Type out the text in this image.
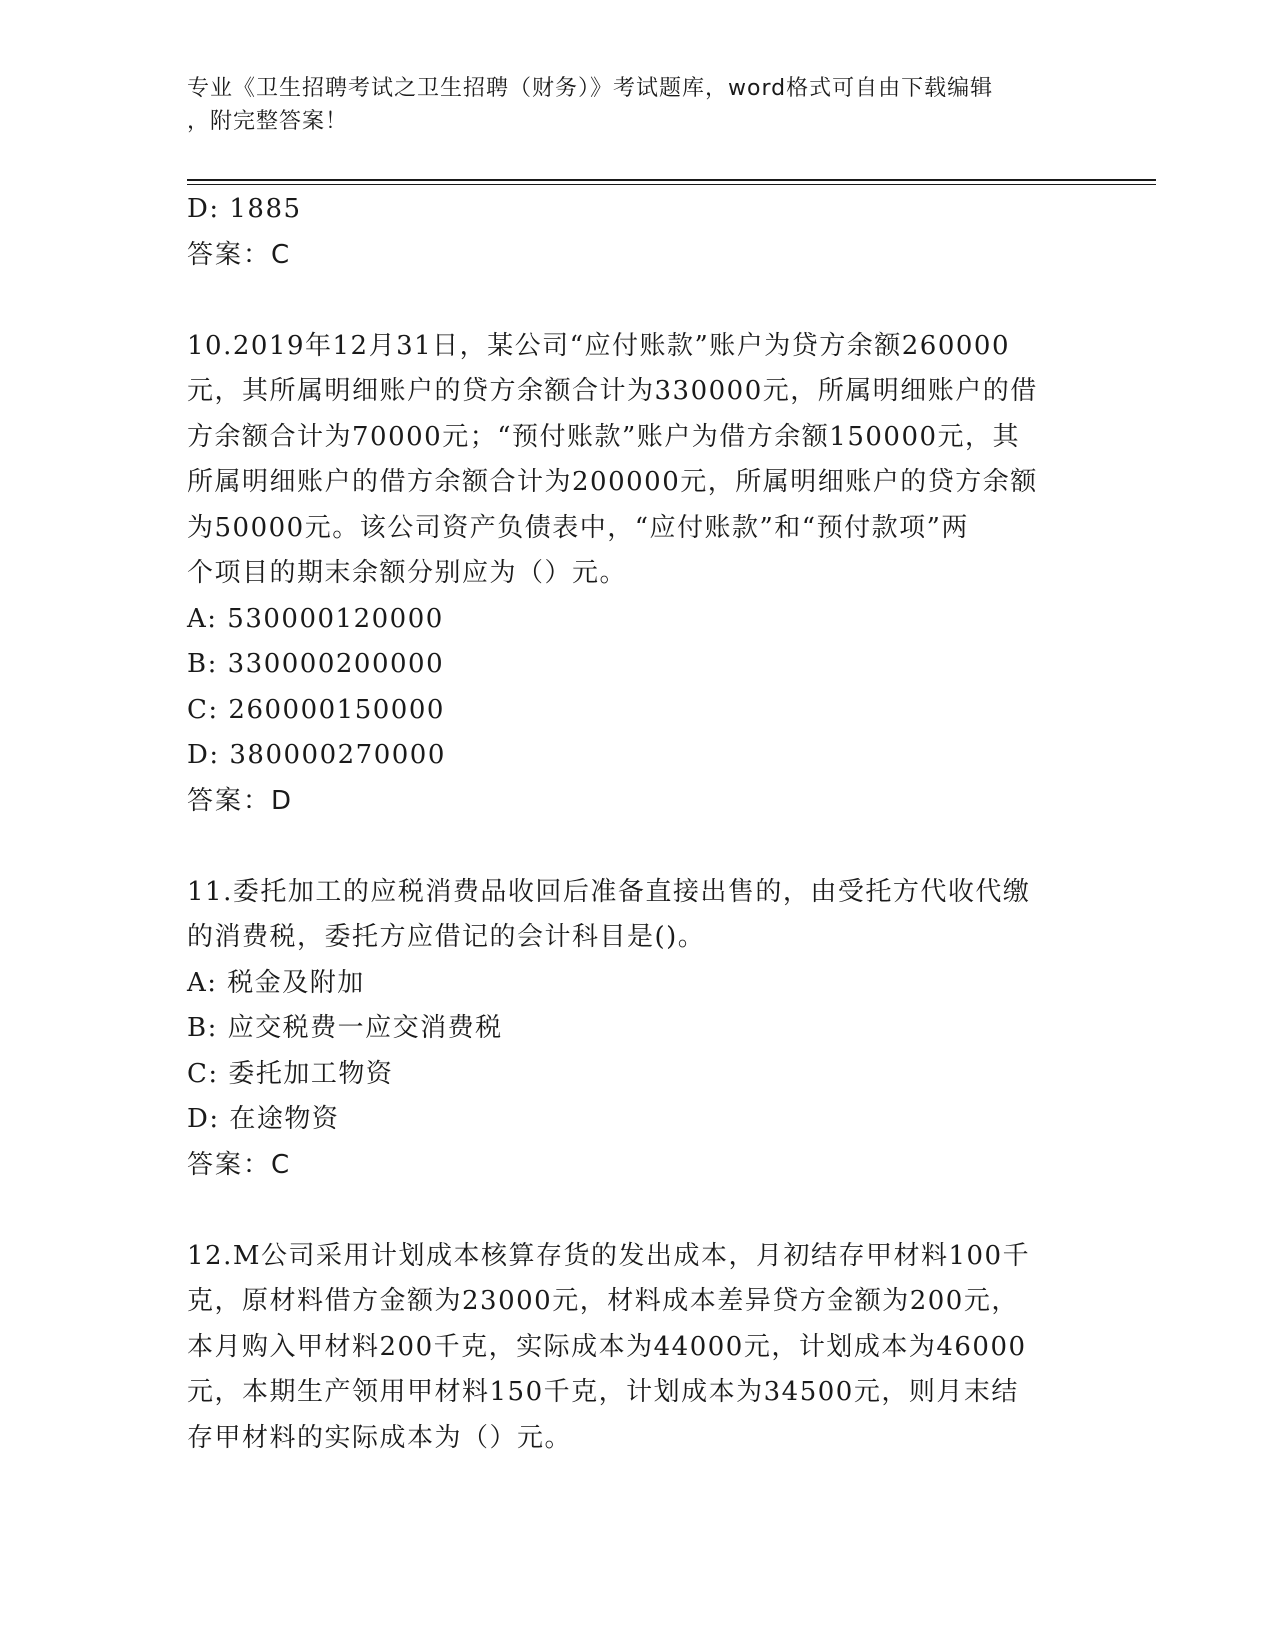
专业《卫生招聘考试之卫生招聘（财务）》考试题库，word格式可自由下载编辑
，附完整答案！
D: 1885
答案：C
10.2019年12月31日，某公司“应付账款”账户为贷方余额260000
元，其所属明细账户的贷方余额合计为330000元，所属明细账户的借
方余额合计为70000元；“预付账款”账户为借方余额150000元，其
所属明细账户的借方余额合计为200000元，所属明细账户的贷方余额
为50000元。该公司资产负债表中，“应付账款”和“预付款项”两
个项目的期末余额分别应为（）元。
A: 530000120000
B: 330000200000
C: 260000150000
D: 380000270000
答案：D
11.委托加工的应税消费品收回后准备直接出售的，由受托方代收代缴
的消费税，委托方应借记的会计科目是()。
A: 税金及附加
B: 应交税费一应交消费税
C: 委托加工物资
D: 在途物资
答案：C
12.M公司采用计划成本核算存货的发出成本，月初结存甲材料100千
克，原材料借方金额为23000元，材料成本差异贷方金额为200元，
本月购入甲材料200千克，实际成本为44000元，计划成本为46000
元，本期生产领用甲材料150千克，计划成本为34500元，则月末结
存甲材料的实际成本为（）元。
